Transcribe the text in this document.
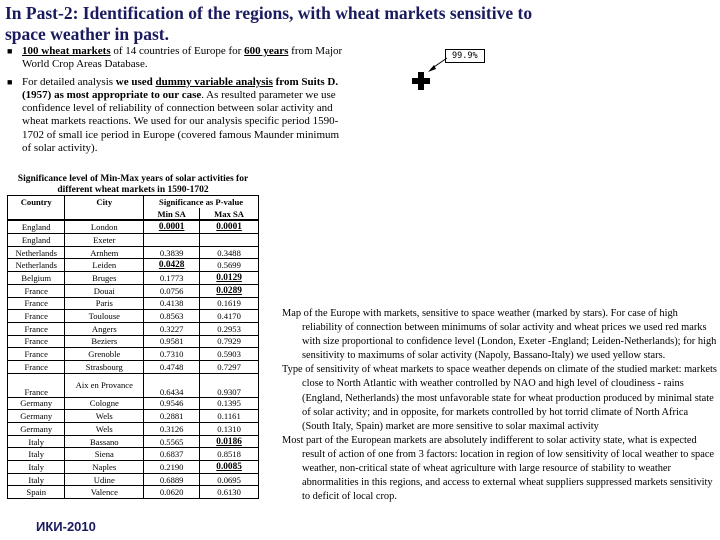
In Past-2: Identification of the regions, with wheat markets sensitive to space weather in past.
■ 100 wheat markets of 14 countries of Europe for 600 years from Major World Crop Areas Database.
■ For detailed analysis we used dummy variable analysis from Suits D. (1957) as most appropriate to our case. As resulted parameter we use confidence level of reliability of connection between solar activity and wheat markets reactions. We used for our analysis specific period 1590-1702 of small ice period in Europe (covered famous Maunder minimum of solar activity).
99.9%
Significance level of Min-Max years of solar activities for different wheat markets in 1590-1702
Country	City	Significance as P-value	
		Min SA	Max SA
England	London	0.0001	0.0001
England	Exeter		
Netherlands	Arnhem	0.3839	0.3488
Netherlands	Leiden	0.0428	0.5699
Belgium	Bruges	0.1773	0.0129
France	Douai	0.0756	0.0289
France	Paris	0.4138	0.1619
France	Toulouse	0.8563	0.4170
France	Angers	0.3227	0.2953
France	Beziers	0.9581	0.7929
France	Grenoble	0.7310	0.5903
France	Strasbourg	0.4748	0.7297
France	Aix en Provance	0.6434	0.9307
Germany	Cologne	0.9546	0.1395
Germany	Wels	0.2881	0.1161
Germany	Wels	0.3126	0.1310
Italy	Bassano	0.5565	0.0186
Italy	Siena	0.6837	0.8518
Italy	Naples	0.2190	0.0085
Italy	Udine	0.6889	0.0695
Spain	Valence	0.0620	0.6130
Map of the Europe with markets, sensitive to space weather (marked by stars). For case of high reliability of connection between minimums of solar activity and wheat prices we used red marks with size proportional to confidence level (London, Exeter -England; Leiden-Netherlands); for high sensitivity to maximums of solar activity (Napoly, Bassano-Italy) we used yellow stars.
Type of sensitivity of wheat markets to space weather depends on climate of the studied market: markets close to North Atlantic with weather controlled by NAO and high level of cloudiness - rains (England, Netherlands) the most unfavorable state for wheat production produced by minimal state of solar activity; and in opposite, for markets controlled by hot torrid climate of North Africa (South Italy, Spain) market are more sensitive to solar maximal activity
Most part of the European markets are absolutely indifferent to solar activity state, what is expected result of action of one from 3 factors: location in region of low sensitivity of local weather to space weather, non-critical state of wheat agriculture with large resource of stability to weather abnormalities in this regions, and access to external wheat suppliers suppressed markets sensitivity to deficit of local crop.
ИКИ-2010
